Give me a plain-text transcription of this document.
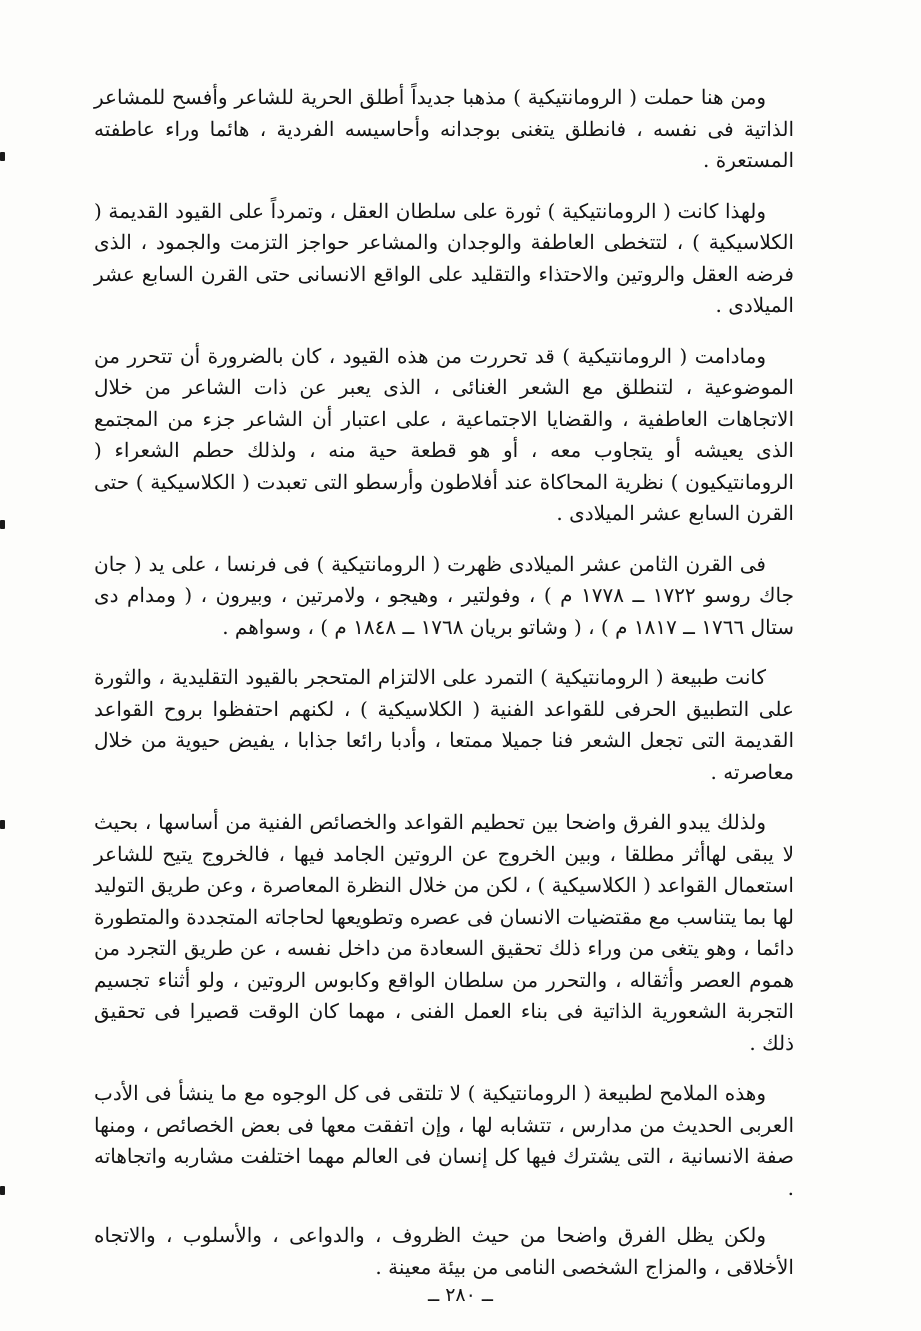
ومن هنا حملت ( الرومانتيكية ) مذهبا جديداً أطلق الحرية للشاعر وأفسح للمشاعر الذاتية فى نفسه ، فانطلق يتغنى بوجدانه وأحاسيسه الفردية ، هائما وراء عاطفته المستعرة .

ولهذا كانت ( الرومانتيكية ) ثورة على سلطان العقل ، وتمرداً على القيود القديمة ( الكلاسيكية ) ، لتتخطى العاطفة والوجدان والمشاعر حواجز التزمت والجمود ، الذى فرضه العقل والروتين والاحتذاء والتقليد على الواقع الانسانى حتى القرن السابع عشر الميلادى .

ومادامت ( الرومانتيكية ) قد تحررت من هذه القيود ، كان بالضرورة أن تتحرر من الموضوعية ، لتنطلق مع الشعر الغنائى ، الذى يعبر عن ذات الشاعر من خلال الاتجاهات العاطفية ، والقضايا الاجتماعية ، على اعتبار أن الشاعر جزء من المجتمع الذى يعيشه أو يتجاوب معه ، أو هو قطعة حية منه ، ولذلك حطم الشعراء ( الرومانتيكيون ) نظرية المحاكاة عند أفلاطون وأرسطو التى تعبدت ( الكلاسيكية ) حتى القرن السابع عشر الميلادى .

فى القرن الثامن عشر الميلادى ظهرت ( الرومانتيكية ) فى فرنسا ، على يد ( جان جاك روسو ١٧٢٢ ــ ١٧٧٨ م ) ، وفولتير ، وهيجو ، ولامرتين ، وبيرون ، ( ومدام دى ستال ١٧٦٦ ــ ١٨١٧ م ) ، ( وشاتو بريان ١٧٦٨ ــ ١٨٤٨ م ) ، وسواهم .

كانت طبيعة ( الرومانتيكية ) التمرد على الالتزام المتحجر بالقيود التقليدية ، والثورة على التطبيق الحرفى للقواعد الفنية ( الكلاسيكية ) ، لكنهم احتفظوا بروح القواعد القديمة التى تجعل الشعر فنا جميلا ممتعا ، وأدبا رائعا جذابا ، يفيض حيوية من خلال معاصرته .

ولذلك يبدو الفرق واضحا بين تحطيم القواعد والخصائص الفنية من أساسها ، بحيث لا يبقى لهاأثر مطلقا ، وبين الخروج عن الروتين الجامد فيها ، فالخروج يتيح للشاعر استعمال القواعد ( الكلاسيكية ) ، لكن من خلال النظرة المعاصرة ، وعن طريق التوليد لها بما يتناسب مع مقتضيات الانسان فى عصره وتطويعها لحاجاته المتجددة والمتطورة دائما ، وهو يتغى من وراء ذلك تحقيق السعادة من داخل نفسه ، عن طريق التجرد من هموم العصر وأثقاله ، والتحرر من سلطان الواقع وكابوس الروتين ، ولو أثناء تجسيم التجربة الشعورية الذاتية فى بناء العمل الفنى ، مهما كان الوقت قصيرا فى تحقيق ذلك .

وهذه الملامح لطبيعة ( الرومانتيكية ) لا تلتقى فى كل الوجوه مع ما ينشأ فى الأدب العربى الحديث من مدارس ، تتشابه لها ، وإن اتفقت معها فى بعض الخصائص ، ومنها صفة الانسانية ، التى يشترك فيها كل إنسان فى العالم مهما اختلفت مشاربه واتجاهاته .

ولكن يظل الفرق واضحا من حيث الظروف ، والدواعى ، والأسلوب ، والاتجاه الأخلاقى ، والمزاج الشخصى النامى من بيئة معينة .

ــ ٢٨٠ ــ
